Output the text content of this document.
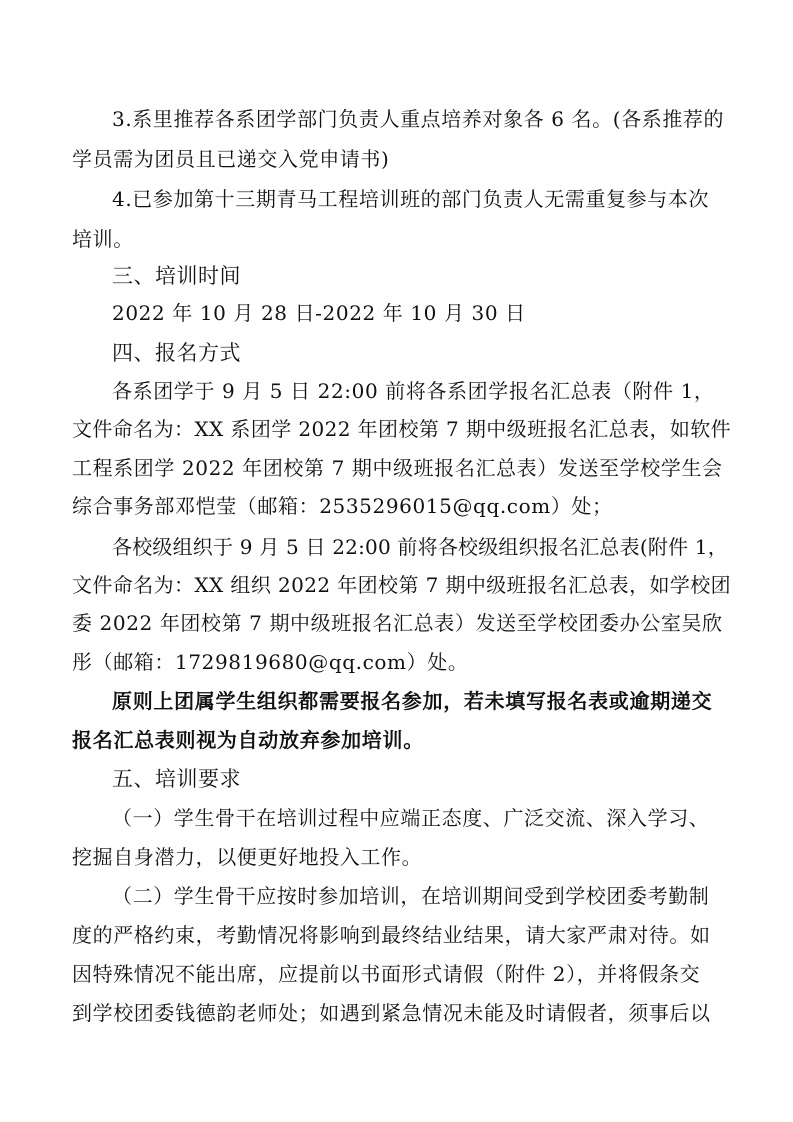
3.系里推荐各系团学部门负责人重点培养对象各 6 名。(各系推荐的
学员需为团员且已递交入党申请书)
4.已参加第十三期青马工程培训班的部门负责人无需重复参与本次
培训。
三、培训时间
2022 年 10 月 28 日-2022 年 10 月 30 日
四、报名方式
各系团学于 9 月 5 日 22:00 前将各系团学报名汇总表（附件 1，
文件命名为：XX 系团学 2022 年团校第 7 期中级班报名汇总表，如软件
工程系团学 2022 年团校第 7 期中级班报名汇总表）发送至学校学生会
综合事务部邓恺莹（邮箱：2535296015@qq.com）处；
各校级组织于 9 月 5 日 22:00 前将各校级组织报名汇总表(附件 1，
文件命名为：XX 组织 2022 年团校第 7 期中级班报名汇总表，如学校团
委 2022 年团校第 7 期中级班报名汇总表）发送至学校团委办公室吴欣
彤（邮箱：1729819680@qq.com）处。
原则上团属学生组织都需要报名参加，若未填写报名表或逾期递交
报名汇总表则视为自动放弃参加培训。
五、培训要求
（一）学生骨干在培训过程中应端正态度、广泛交流、深入学习、
挖掘自身潜力，以便更好地投入工作。
（二）学生骨干应按时参加培训，在培训期间受到学校团委考勤制
度的严格约束，考勤情况将影响到最终结业结果，请大家严肃对待。如
因特殊情况不能出席，应提前以书面形式请假（附件 2），并将假条交
到学校团委钱德韵老师处；如遇到紧急情况未能及时请假者，须事后以
